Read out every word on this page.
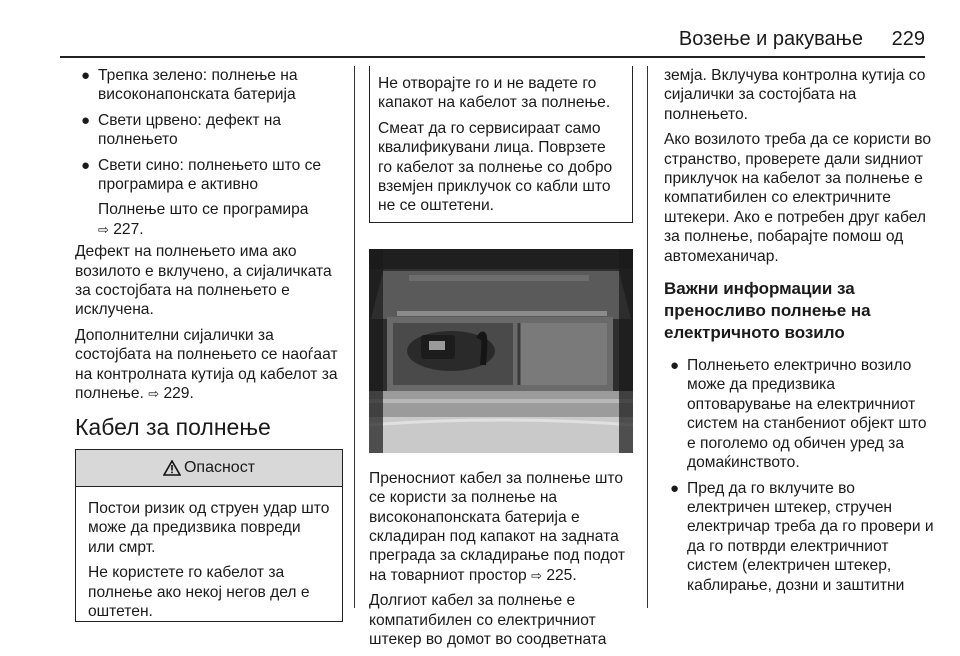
Возење и ракување 229
● Трепка зелено: полнење на високонапонската батерија
● Свети црвено: дефект на полнењето
● Свети сино: полнењето што се програмира е активно
Полнење што се програмира
⇨ 227.

Дефект на полнењето има ако возилото е вклучено, а сијаличката за состојбата на полнењето е исклучена.

Дополнителни сијалички за состојбата на полнењето се наоѓаат на контролната кутија од кабелот за полнење. ⇨ 229.

Кабел за полнење
Опасност

Постои ризик од струен удар што може да предизвика повреди или смрт.

Не користете го кабелот за полнење ако некој негов дел е оштетен.

Не отворајте го и не вадете го капакот на кабелот за полнење.

Смеат да го сервисираат само квалификувани лица. Поврзете го кабелот за полнење со добро вземјен приклучок со кабли што не се оштетени.

Преносниот кабел за полнење што се користи за полнење на високонапонската батерија е складиран под капакот на задната преграда за складирање под подот на товарниот простор ⇨ 225.

Долгиот кабел за полнење е компатибилен со електричниот штекер во домот во соодветната

земја. Вклучува контролна кутија со сијалички за состојбата на полнењето.

Ако возилото треба да се користи во странство, проверете дали ѕидниот приклучок на кабелот за полнење е компатибилен со електричните штекери. Ако е потребен друг кабел за полнење, побарајте помош од автомеханичар.

Важни информации за преносливо полнење на електричното возило
● Полнењето електрично возило може да предизвика оптоварување на електричниот систем на станбениот објект што е поголемо од обичен уред за домаќинството.
● Пред да го вклучите во електричен штекер, стручен електричар треба да го провери и да го потврди електричниот систем (електричен штекер, каблирање, дозни и заштитни
